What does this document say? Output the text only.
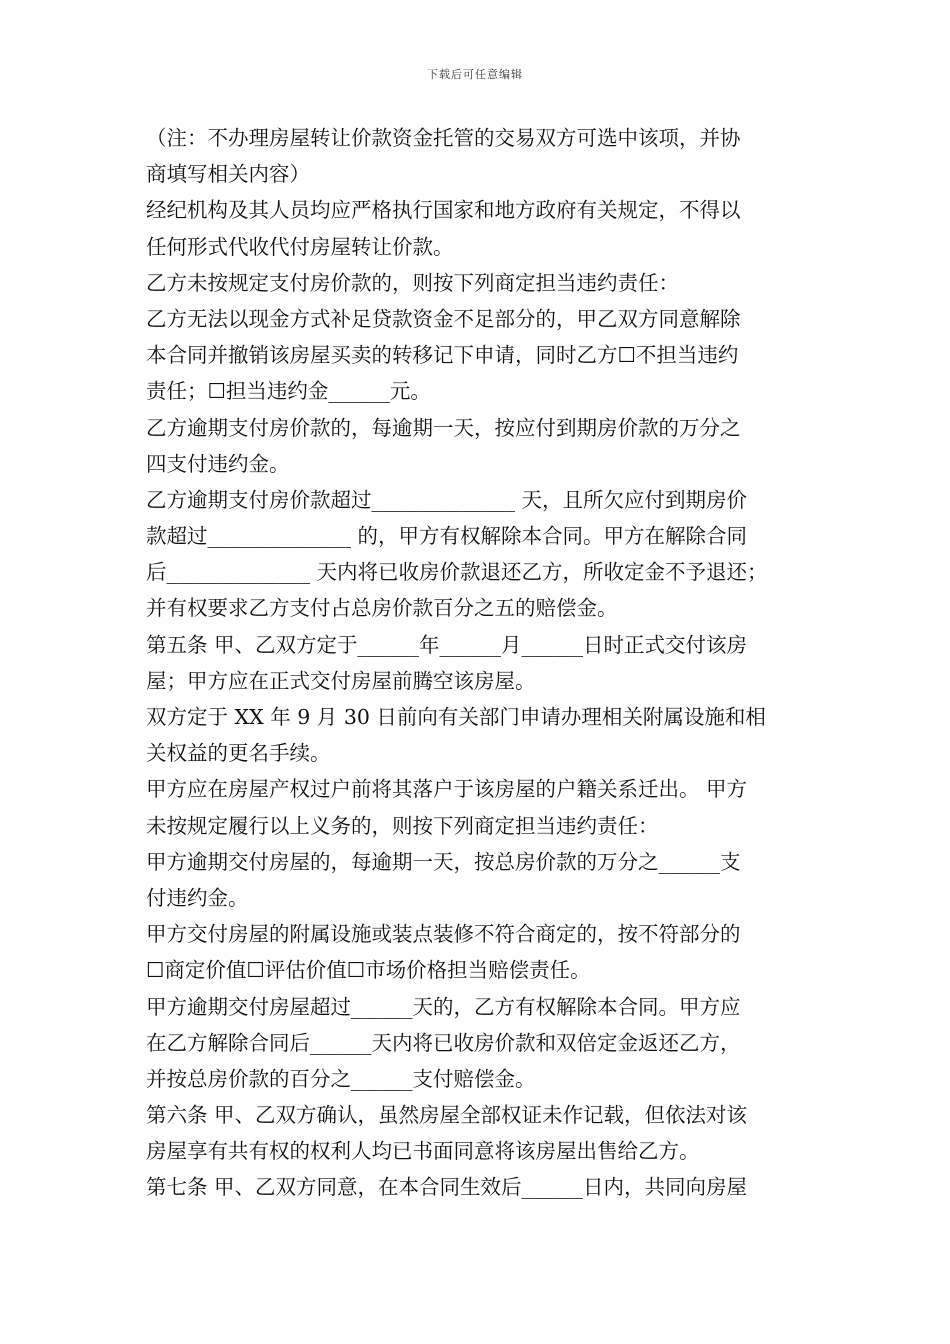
下载后可任意编辑
（注：不办理房屋转让价款资金托管的交易双方可选中该项，并协
商填写相关内容）
经纪机构及其人员均应严格执行国家和地方政府有关规定，不得以
任何形式代收代付房屋转让价款。
乙方未按规定支付房价款的，则按下列商定担当违约责任：
乙方无法以现金方式补足贷款资金不足部分的，甲乙双方同意解除
本合同并撤销该房屋买卖的转移记下申请，同时乙方☐不担当违约
责任；☐担当违约金______元。
乙方逾期支付房价款的，每逾期一天，按应付到期房价款的万分之
四支付违约金。
乙方逾期支付房价款超过______________ 天，且所欠应付到期房价
款超过______________ 的，甲方有权解除本合同。甲方在解除合同
后______________ 天内将已收房价款退还乙方，所收定金不予退还；
并有权要求乙方支付占总房价款百分之五的赔偿金。
第五条 甲、乙双方定于______年______月______日时正式交付该房
屋；甲方应在正式交付房屋前腾空该房屋。
双方定于 XX 年 9 月 30 日前向有关部门申请办理相关附属设施和相
关权益的更名手续。
甲方应在房屋产权过户前将其落户于该房屋的户籍关系迁出。 甲方
未按规定履行以上义务的，则按下列商定担当违约责任：
甲方逾期交付房屋的，每逾期一天，按总房价款的万分之______支
付违约金。
甲方交付房屋的附属设施或装点装修不符合商定的，按不符部分的
☐商定价值☐评估价值☐市场价格担当赔偿责任。
甲方逾期交付房屋超过______天的，乙方有权解除本合同。甲方应
在乙方解除合同后______天内将已收房价款和双倍定金返还乙方，
并按总房价款的百分之______支付赔偿金。
第六条 甲、乙双方确认，虽然房屋全部权证未作记载，但依法对该
房屋享有共有权的权利人均已书面同意将该房屋出售给乙方。
第七条 甲、乙双方同意，在本合同生效后______日内，共同向房屋
